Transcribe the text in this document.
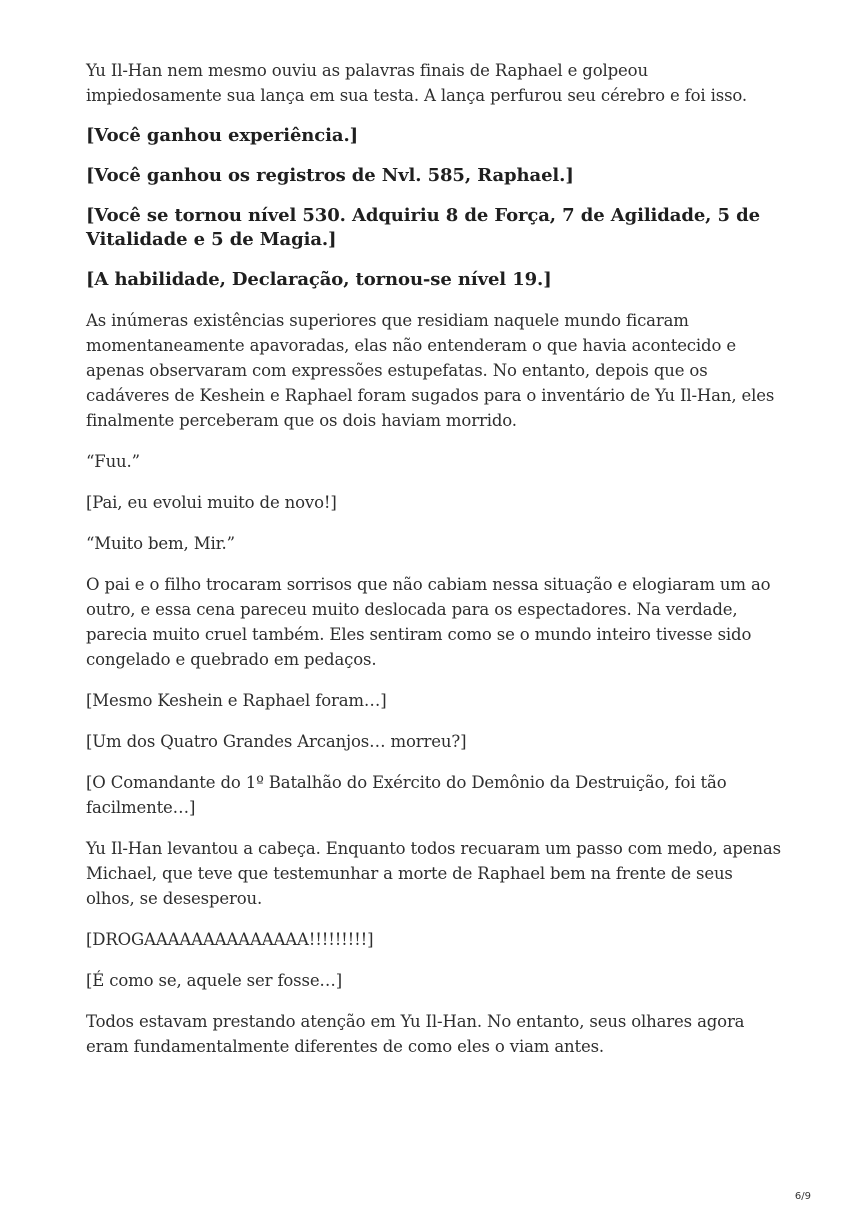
Yu Il-Han nem mesmo ouviu as palavras finais de Raphael e golpeou impiedosamente sua lança em sua testa. A lança perfurou seu cérebro e foi isso.

[Você ganhou experiência.]

[Você ganhou os registros de Nvl. 585, Raphael.]

[Você se tornou nível 530. Adquiriu 8 de Força, 7 de Agilidade, 5 de Vitalidade e 5 de Magia.]

[A habilidade, Declaração, tornou-se nível 19.]

As inúmeras existências superiores que residiam naquele mundo ficaram momentaneamente apavoradas, elas não entenderam o que havia acontecido e apenas observaram com expressões estupefatas. No entanto, depois que os cadáveres de Keshein e Raphael foram sugados para o inventário de Yu Il-Han, eles finalmente perceberam que os dois haviam morrido.

“Fuu.”

[Pai, eu evolui muito de novo!]

“Muito bem, Mir.”

O pai e o filho trocaram sorrisos que não cabiam nessa situação e elogiaram um ao outro, e essa cena pareceu muito deslocada para os espectadores. Na verdade, parecia muito cruel também. Eles sentiram como se o mundo inteiro tivesse sido congelado e quebrado em pedaços.

[Mesmo Keshein e Raphael foram…]

[Um dos Quatro Grandes Arcanjos… morreu?]

[O Comandante do 1º Batalhão do Exército do Demônio da Destruição, foi tão facilmente…]

Yu Il-Han levantou a cabeça. Enquanto todos recuaram um passo com medo, apenas Michael, que teve que testemunhar a morte de Raphael bem na frente de seus olhos, se desesperou.

[DROGAAAAAAAAAAAAAA!!!!!!!!!]

[É como se, aquele ser fosse…]

Todos estavam prestando atenção em Yu Il-Han. No entanto, seus olhares agora eram fundamentalmente diferentes de como eles o viam antes.

6/9
